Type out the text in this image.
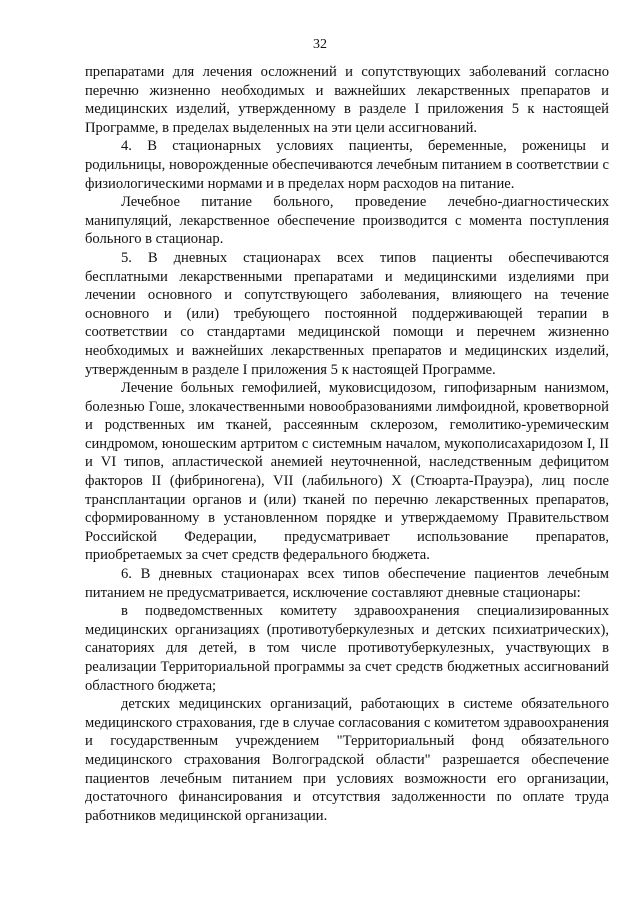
32

препаратами для лечения осложнений и сопутствующих заболеваний согласно перечню жизненно необходимых и важнейших лекарственных препаратов и медицинских изделий, утвержденному в разделе I приложения 5 к настоящей Программе, в пределах выделенных на эти цели ассигнований.

4. В стационарных условиях пациенты, беременные, роженицы и родильницы, новорожденные обеспечиваются лечебным питанием в соответствии с физиологическими нормами и в пределах норм расходов на питание.

Лечебное питание больного, проведение лечебно-диагностических манипуляций, лекарственное обеспечение производится с момента поступления больного в стационар.

5. В дневных стационарах всех типов пациенты обеспечиваются бесплатными лекарственными препаратами и медицинскими изделиями при лечении основного и сопутствующего заболевания, влияющего на течение основного и (или) требующего постоянной поддерживающей терапии в соответствии со стандартами медицинской помощи и перечнем жизненно необходимых и важнейших лекарственных препаратов и медицинских изделий, утвержденным в разделе I приложения 5 к настоящей Программе.

Лечение больных гемофилией, муковисцидозом, гипофизарным нанизмом, болезнью Гоше, злокачественными новообразованиями лимфоидной, кроветворной и родственных им тканей, рассеянным склерозом, гемолитико-уремическим синдромом, юношеским артритом с системным началом, мукополисахаридозом I, II и VI типов, апластической анемией неуточненной, наследственным дефицитом факторов II (фибриногена), VII (лабильного) X (Стюарта-Прауэра), лиц после трансплантации органов и (или) тканей по перечню лекарственных препаратов, сформированному в установленном порядке и утверждаемому Правительством Российской Федерации, предусматривает использование препаратов, приобретаемых за счет средств федерального бюджета.

6. В дневных стационарах всех типов обеспечение пациентов лечебным питанием не предусматривается, исключение составляют дневные стационары:

в подведомственных комитету здравоохранения специализированных медицинских организациях (противотуберкулезных и детских психиатрических), санаториях для детей, в том числе противотуберкулезных, участвующих в реализации Территориальной программы за счет средств бюджетных ассигнований областного бюджета;

детских медицинских организаций, работающих в системе обязательного медицинского страхования, где в случае согласования с комитетом здравоохранения и государственным учреждением "Территориальный фонд обязательного медицинского страхования Волгоградской области" разрешается обеспечение пациентов лечебным питанием при условиях возможности его организации, достаточного финансирования и отсутствия задолженности по оплате труда работников медицинской организации.
